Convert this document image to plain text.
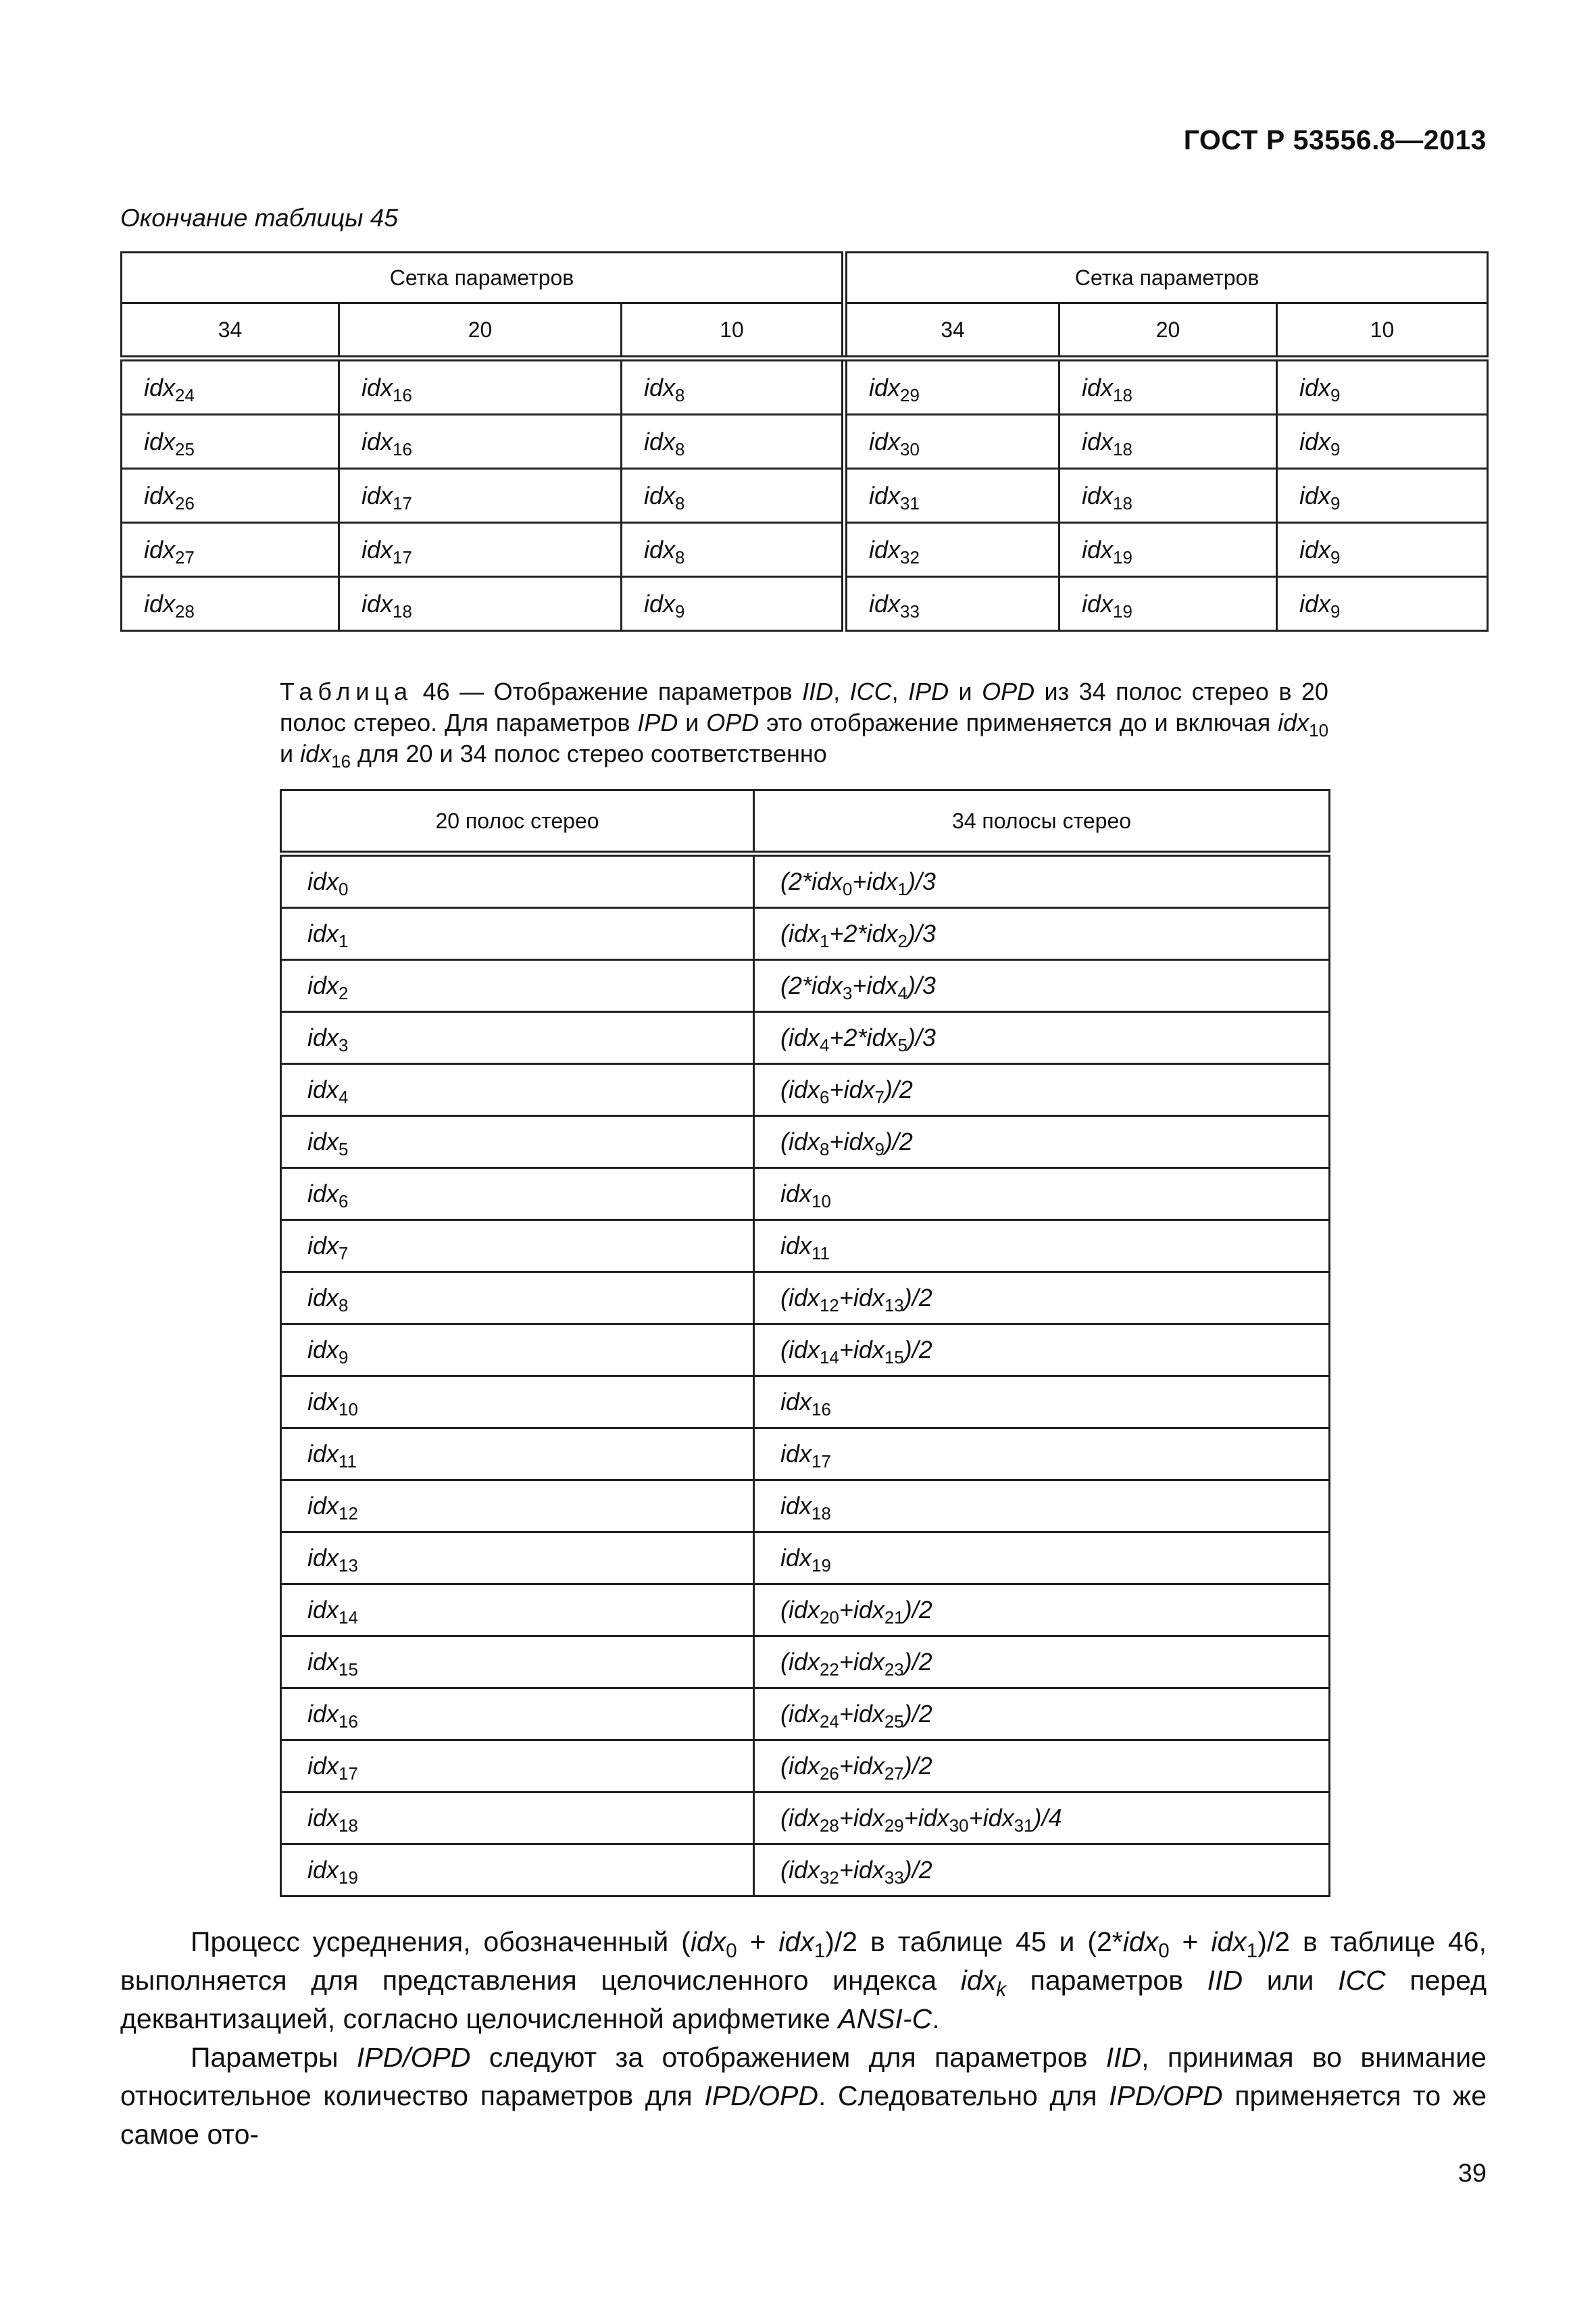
ГОСТ Р 53556.8—2013
Окончание таблицы 45
Сетка параметров			Сетка параметров		
34	20	10	34	20	10
idx$_{24}$	idx$_{16}$	idx$_8$	idx$_{29}$	idx$_{18}$	idx$_9$
idx$_{25}$	idx$_{16}$	idx$_8$	idx$_{30}$	idx$_{18}$	idx$_9$
idx$_{26}$	idx$_{17}$	idx$_8$	idx$_{31}$	idx$_{18}$	idx$_9$
idx$_{27}$	idx$_{17}$	idx$_8$	idx$_{32}$	idx$_{19}$	idx$_9$
idx$_{28}$	idx$_{18}$	idx$_9$	idx$_{33}$	idx$_{19}$	idx$_9$
Таблица 46 — Отображение параметров IID, ICC, IPD и OPD из 34 полос стерео в 20 полос стерео. Для параметров IPD и OPD это отображение применяется до и включая idx$_{10}$ и idx$_{16}$ для 20 и 34 полос стерео соответственно
20 полос стерео	34 полосы стерео
idx$_0$	(2*idx$_0$+idx$_1$)/3
idx$_1$	(idx$_1$+2*idx$_2$)/3
idx$_2$	(2*idx$_3$+idx$_4$)/3
idx$_3$	(idx$_4$+2*idx$_5$)/3
idx$_4$	(idx$_6$+idx$_7$)/2
idx$_5$	(idx$_8$+idx$_9$)/2
idx$_6$	idx$_{10}$
idx$_7$	idx$_{11}$
idx$_8$	(idx$_{12}$+idx$_{13}$)/2
idx$_9$	(idx$_{14}$+idx$_{15}$)/2
idx$_{10}$	idx$_{16}$
idx$_{11}$	idx$_{17}$
idx$_{12}$	idx$_{18}$
idx$_{13}$	idx$_{19}$
idx$_{14}$	(idx$_{20}$+idx$_{21}$)/2
idx$_{15}$	(idx$_{22}$+idx$_{23}$)/2
idx$_{16}$	(idx$_{24}$+idx$_{25}$)/2
idx$_{17}$	(idx$_{26}$+idx$_{27}$)/2
idx$_{18}$	(idx$_{28}$+idx$_{29}$+idx$_{30}$+idx$_{31}$)/4
idx$_{19}$	(idx$_{32}$+idx$_{33}$)/2

Процесс усреднения, обозначенный (idx$_0$ + idx$_1$)/2 в таблице 45 и (2*idx$_0$ + idx$_1$)/2 в таблице 46, выполняется для представления целочисленного индекса idx$_k$ параметров IID или ICC перед деквантизацией, согласно целочисленной арифметике ANSI-C.

Параметры IPD/OPD следуют за отображением для параметров IID, принимая во внимание относительное количество параметров для IPD/OPD. Следовательно для IPD/OPD применяется то же самое ото-

39
